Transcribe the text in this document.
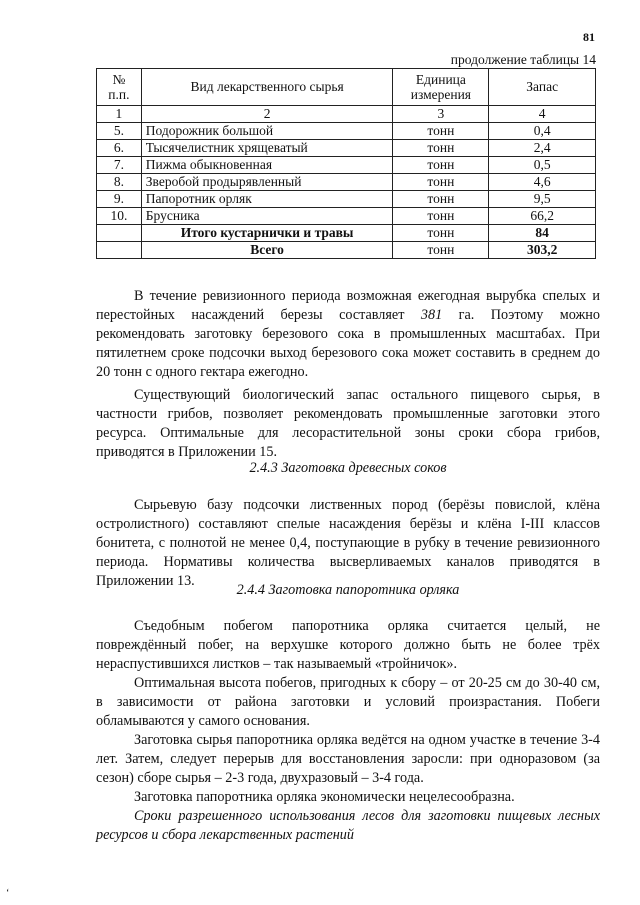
81
продолжение таблицы 14
№ п.п.	Вид лекарственного сырья	Единица измерения	Запас
1	2	3	4
5.	Подорожник большой	тонн	0,4
6.	Тысячелистник хрящеватый	тонн	2,4
7.	Пижма обыкновенная	тонн	0,5
8.	Зверобой продырявленный	тонн	4,6
9.	Папоротник орляк	тонн	9,5
10.	Брусника	тонн	66,2
	Итого кустарнички и травы	тонн	84
	Всего	тонн	303,2

В течение ревизионного периода возможная ежегодная вырубка спелых и перестойных насаждений березы составляет 381 га. Поэтому можно рекомендовать заготовку березового сока в промышленных масштабах. При пятилетнем сроке подсочки выход березового сока может составить в среднем до 20 тонн с одного гектара ежегодно.

Существующий биологический запас остального пищевого сырья, в частности грибов, позволяет рекомендовать промышленные заготовки этого ресурса. Оптимальные для лесорастительной зоны сроки сбора грибов, приводятся в Приложении 15.

2.4.3 Заготовка древесных соков

Сырьевую базу подсочки лиственных пород (берёзы повислой, клёна остролистного) составляют спелые насаждения берёзы и клёна I-III классов бонитета, с полнотой не менее 0,4, поступающие в рубку в течение ревизионного периода. Нормативы количества высверливаемых каналов приводятся в Приложении 13.

2.4.4 Заготовка папоротника орляка

Съедобным побегом папоротника орляка считается целый, не повреждённый побег, на верхушке которого должно быть не более трёх нераспустившихся листков – так называемый «тройничок».

Оптимальная высота побегов, пригодных к сбору – от 20-25 см до 30-40 см, в зависимости от района заготовки и условий произрастания. Побеги обламываются у самого основания.

Заготовка сырья папоротника орляка ведётся на одном участке в течение 3-4 лет. Затем, следует перерыв для восстановления заросли: при одноразовом (за сезон) сборе сырья – 2-3 года, двухразовый – 3-4 года.

Заготовка папоротника орляка экономически нецелесообразна.

Сроки разрешенного использования лесов для заготовки пищевых лесных ресурсов и сбора лекарственных растений

‘
